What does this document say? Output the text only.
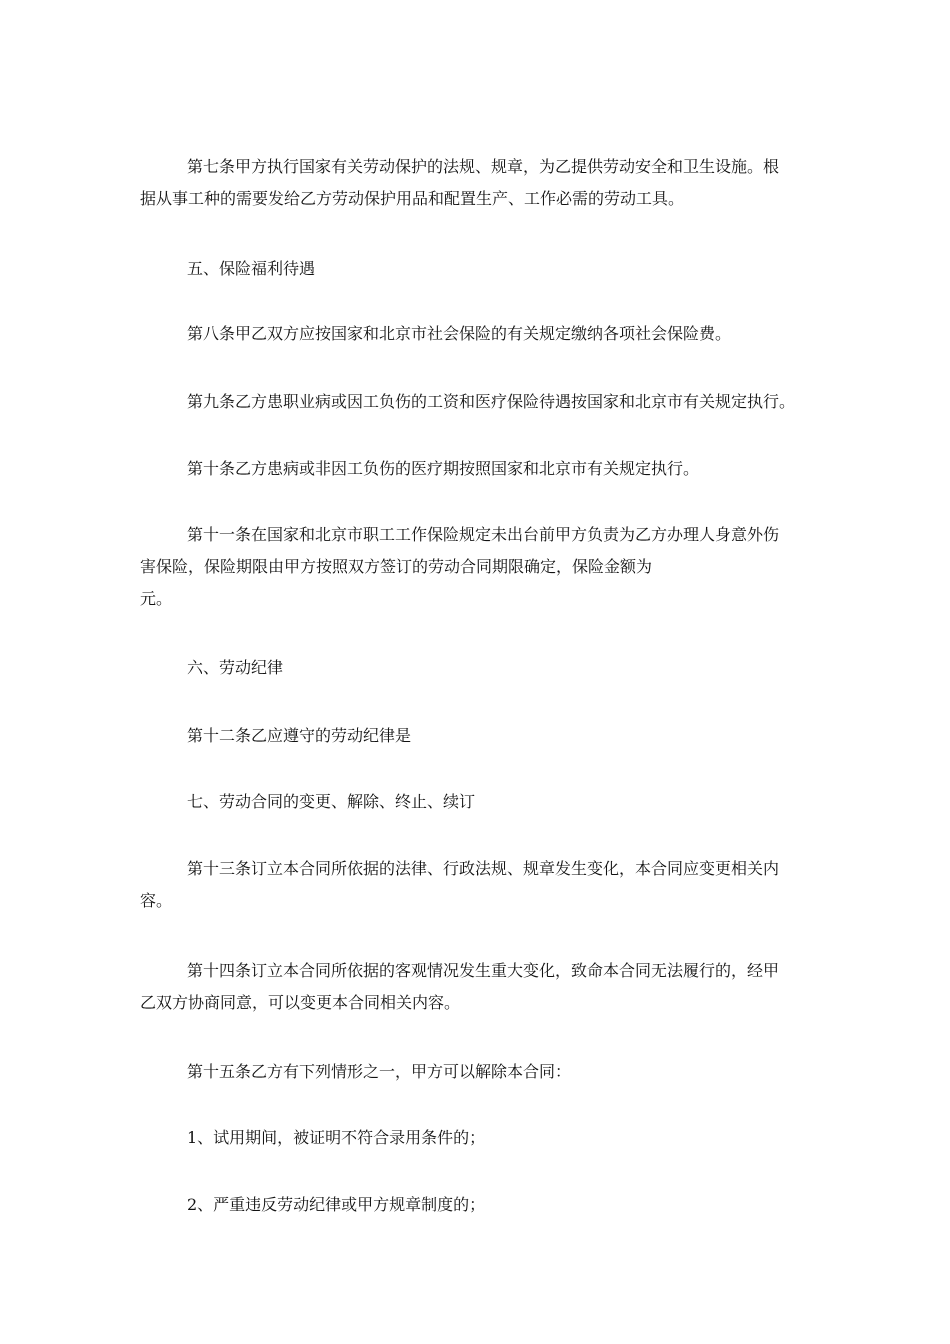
第七条甲方执行国家有关劳动保护的法规、规章，为乙提供劳动安全和卫生设施。根
据从事工种的需要发给乙方劳动保护用品和配置生产、工作必需的劳动工具。
五、保险福利待遇
第八条甲乙双方应按国家和北京市社会保险的有关规定缴纳各项社会保险费。
第九条乙方患职业病或因工负伤的工资和医疗保险待遇按国家和北京市有关规定执行。
第十条乙方患病或非因工负伤的医疗期按照国家和北京市有关规定执行。
第十一条在国家和北京市职工工作保险规定未出台前甲方负责为乙方办理人身意外伤
害保险，保险期限由甲方按照双方签订的劳动合同期限确定，保险金额为
元。
六、劳动纪律
第十二条乙应遵守的劳动纪律是
七、劳动合同的变更、解除、终止、续订
第十三条订立本合同所依据的法律、行政法规、规章发生变化，本合同应变更相关内
容。
第十四条订立本合同所依据的客观情况发生重大变化，致命本合同无法履行的，经甲
乙双方协商同意，可以变更本合同相关内容。
第十五条乙方有下列情形之一，甲方可以解除本合同：
1、试用期间，被证明不符合录用条件的；
2、严重违反劳动纪律或甲方规章制度的；
